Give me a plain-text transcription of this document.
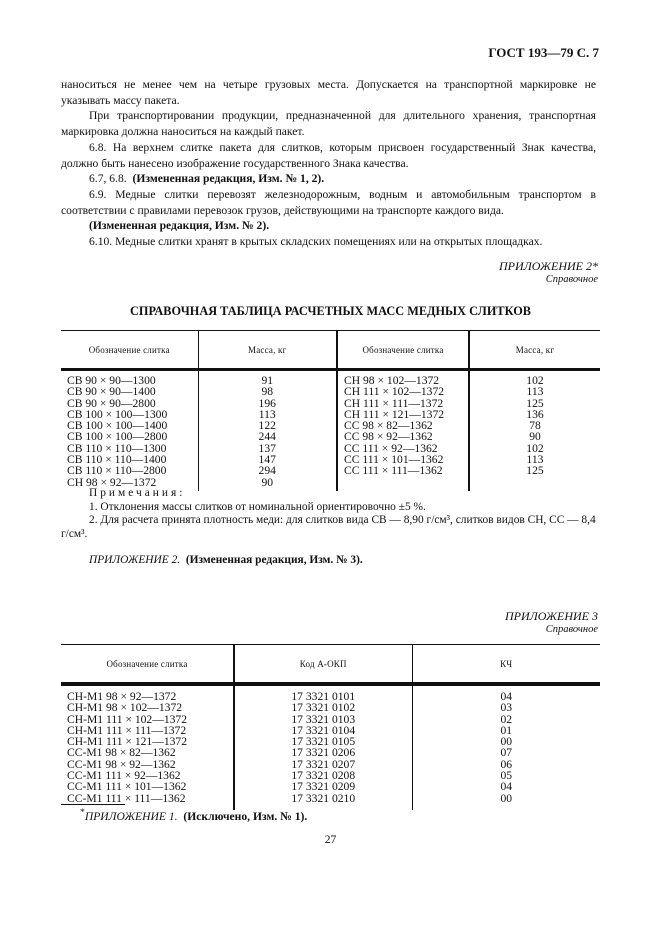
ГОСТ 193—79 С. 7

наноситься не менее чем на четыре грузовых места. Допускается на транспортной маркировке не указывать массу пакета.

При транспортировании продукции, предназначенной для длительного хранения, транспортная маркировка должна наноситься на каждый пакет.

6.8. На верхнем слитке пакета для слитков, которым присвоен государственный Знак качества, должно быть нанесено изображение государственного Знака качества.

6.7, 6.8. (Измененная редакция, Изм. № 1, 2).

6.9. Медные слитки перевозят железнодорожным, водным и автомобильным транспортом в соответствии с правилами перевозок грузов, действующими на транспорте каждого вида.

(Измененная редакция, Изм. № 2).

6.10. Медные слитки хранят в крытых складских помещениях или на открытых площадках.

ПРИЛОЖЕНИЕ 2*
Справочное
СПРАВОЧНАЯ ТАБЛИЦА РАСЧЕТНЫХ МАСС МЕДНЫХ СЛИТКОВ
Обозначение слитка	Масса, кг	Обозначение слитка	Масса, кг
СВ 90 × 90—1300	91	СН 98 × 102—1372	102
СВ 90 × 90—1400	98	СН 111 × 102—1372	113
СВ 90 × 90—2800	196	СН 111 × 111—1372	125
СВ 100 × 100—1300	113	СН 111 × 121—1372	136
СВ 100 × 100—1400	122	СС 98 × 82—1362	78
СВ 100 × 100—2800	244	СС 98 × 92—1362	90
СВ 110 × 110—1300	137	СС 111 × 92—1362	102
СВ 110 × 110—1400	147	СС 111 × 101—1362	113
СВ 110 × 110—2800	294	СС 111 × 111—1362	125
СН 98 × 92—1372	90		

Примечания:

1. Отклонения массы слитков от номинальной ориентировочно ±5 %.

2. Для расчета принята плотность меди: для слитков вида СВ — 8,90 г/см³, слитков видов СН, СС — 8,4 г/см³.

ПРИЛОЖЕНИЕ 2. (Измененная редакция, Изм. № 3).

ПРИЛОЖЕНИЕ 3
Справочное
Обозначение слитка	Код А-ОКП	КЧ
СН-М1 98 × 92—1372	17 3321 0101	04
СН-М1 98 × 102—1372	17 3321 0102	03
СН-М1 111 × 102—1372	17 3321 0103	02
СН-М1 111 × 111—1372	17 3321 0104	01
СН-М1 111 × 121—1372	17 3321 0105	00
СС-М1 98 × 82—1362	17 3321 0206	07
СС-М1 98 × 92—1362	17 3321 0207	06
СС-М1 111 × 92—1362	17 3321 0208	05
СС-М1 111 × 101—1362	17 3321 0209	04
СС-М1 111 × 111—1362	17 3321 0210	00
*ПРИЛОЖЕНИЕ 1. (Исключено, Изм. № 1).
27
